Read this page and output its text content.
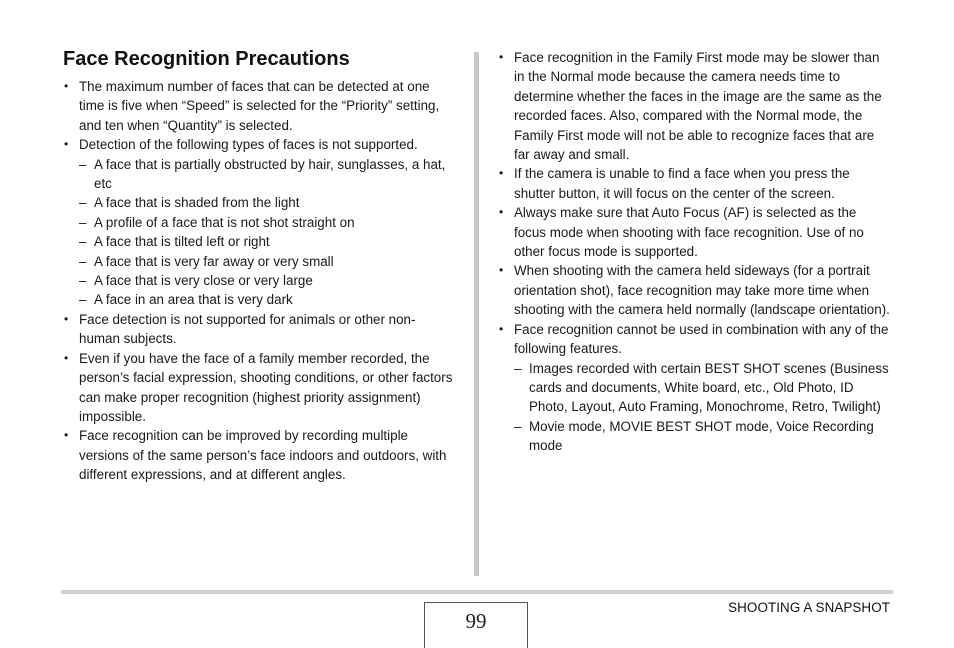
Face Recognition Precautions
• The maximum number of faces that can be detected at one time is five when “Speed” is selected for the “Priority” setting, and ten when “Quantity” is selected.
• Detection of the following types of faces is not supported.
– A face that is partially obstructed by hair, sunglasses, a hat, etc
– A face that is shaded from the light
– A profile of a face that is not shot straight on
– A face that is tilted left or right
– A face that is very far away or very small
– A face that is very close or very large
– A face in an area that is very dark
• Face detection is not supported for animals or other non-human subjects.
• Even if you have the face of a family member recorded, the person’s facial expression, shooting conditions, or other factors can make proper recognition (highest priority assignment) impossible.
• Face recognition can be improved by recording multiple versions of the same person’s face indoors and outdoors, with different expressions, and at different angles.
• Face recognition in the Family First mode may be slower than in the Normal mode because the camera needs time to determine whether the faces in the image are the same as the recorded faces. Also, compared with the Normal mode, the Family First mode will not be able to recognize faces that are far away and small.
• If the camera is unable to find a face when you press the shutter button, it will focus on the center of the screen.
• Always make sure that Auto Focus (AF) is selected as the focus mode when shooting with face recognition. Use of no other focus mode is supported.
• When shooting with the camera held sideways (for a portrait orientation shot), face recognition may take more time when shooting with the camera held normally (landscape orientation).
• Face recognition cannot be used in combination with any of the following features.
– Images recorded with certain BEST SHOT scenes (Business cards and documents, White board, etc., Old Photo, ID Photo, Layout, Auto Framing, Monochrome, Retro, Twilight)
– Movie mode, MOVIE BEST SHOT mode, Voice Recording mode
99
SHOOTING A SNAPSHOT
